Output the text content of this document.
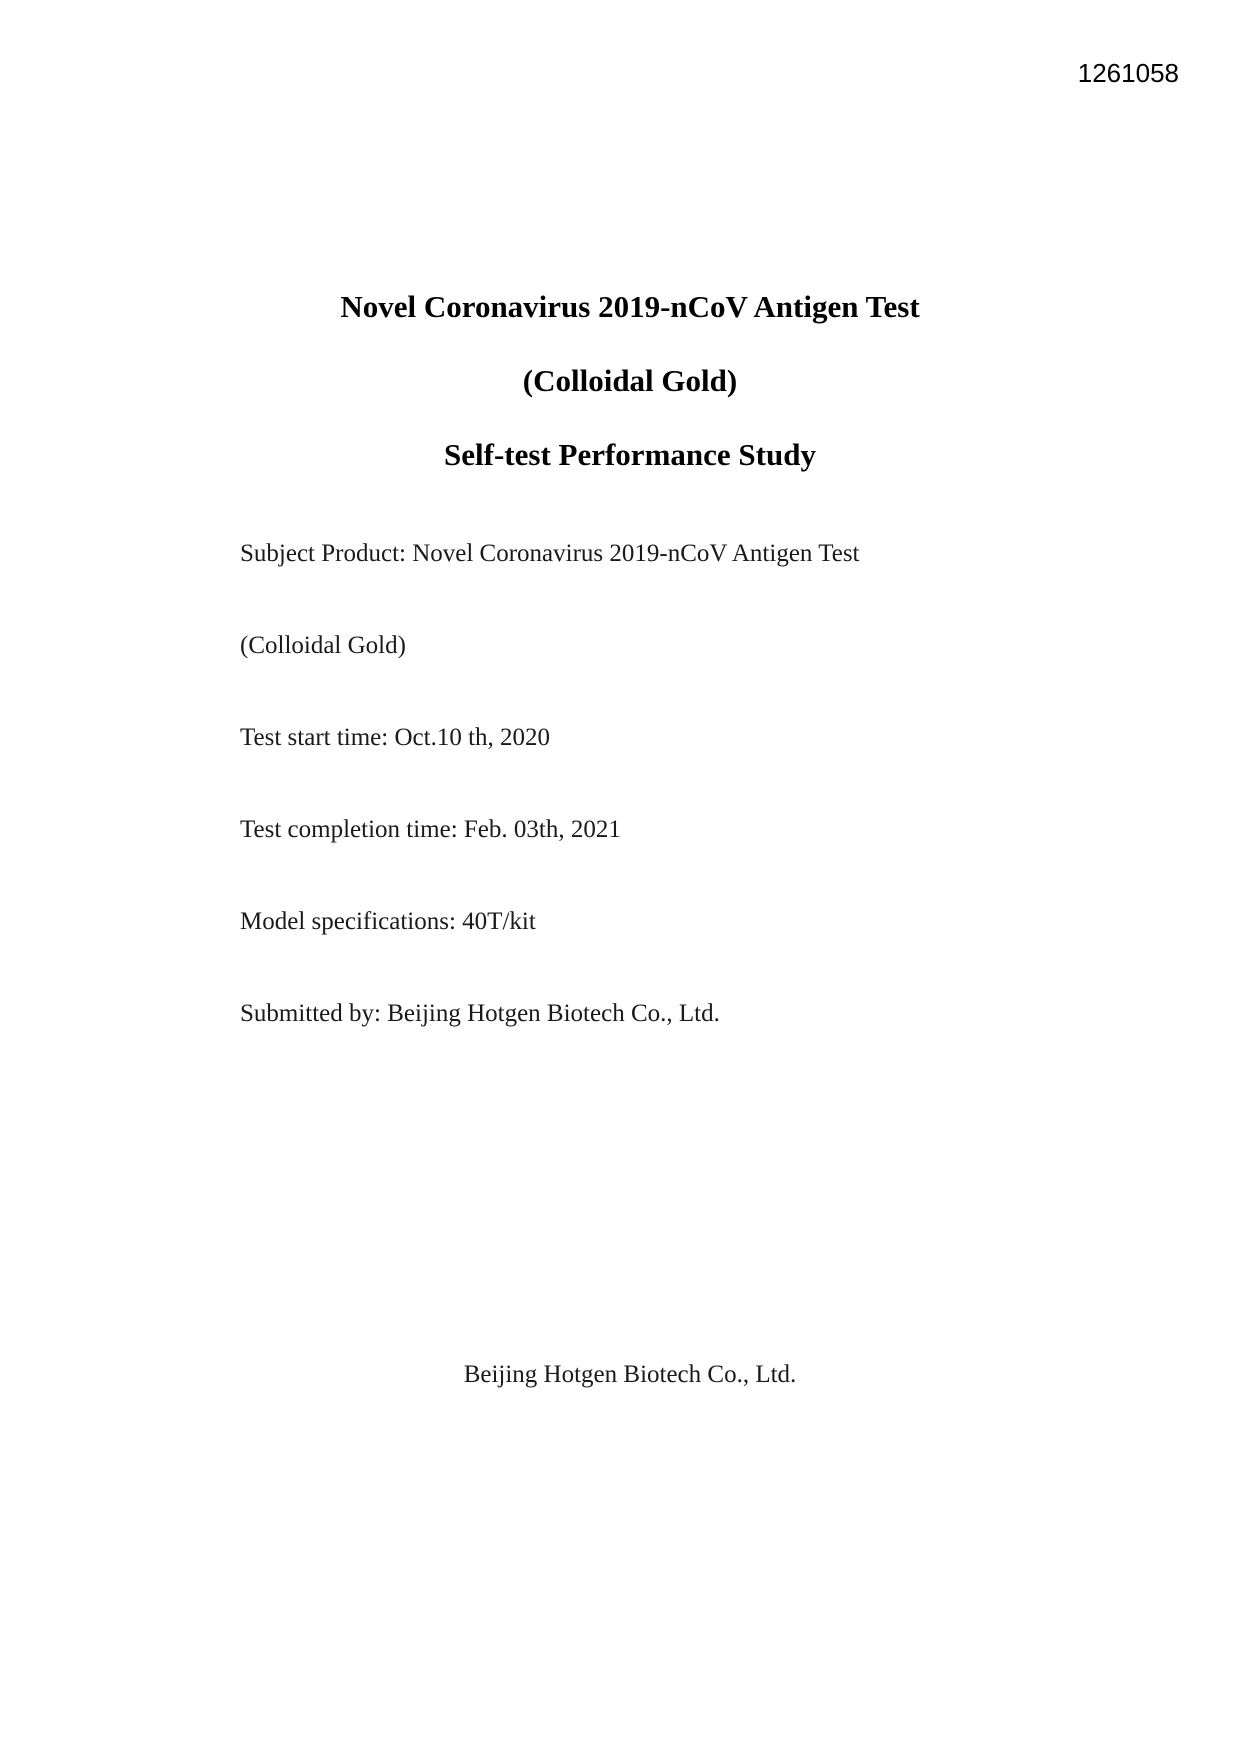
1261058
Novel Coronavirus 2019-nCoV Antigen Test
(Colloidal Gold)
Self-test Performance Study
Subject Product: Novel Coronavirus 2019-nCoV Antigen Test
(Colloidal Gold)
Test start time: Oct.10 th, 2020
Test completion time: Feb. 03th, 2021
Model specifications: 40T/kit
Submitted by: Beijing Hotgen Biotech Co., Ltd.
Beijing Hotgen Biotech Co., Ltd.
